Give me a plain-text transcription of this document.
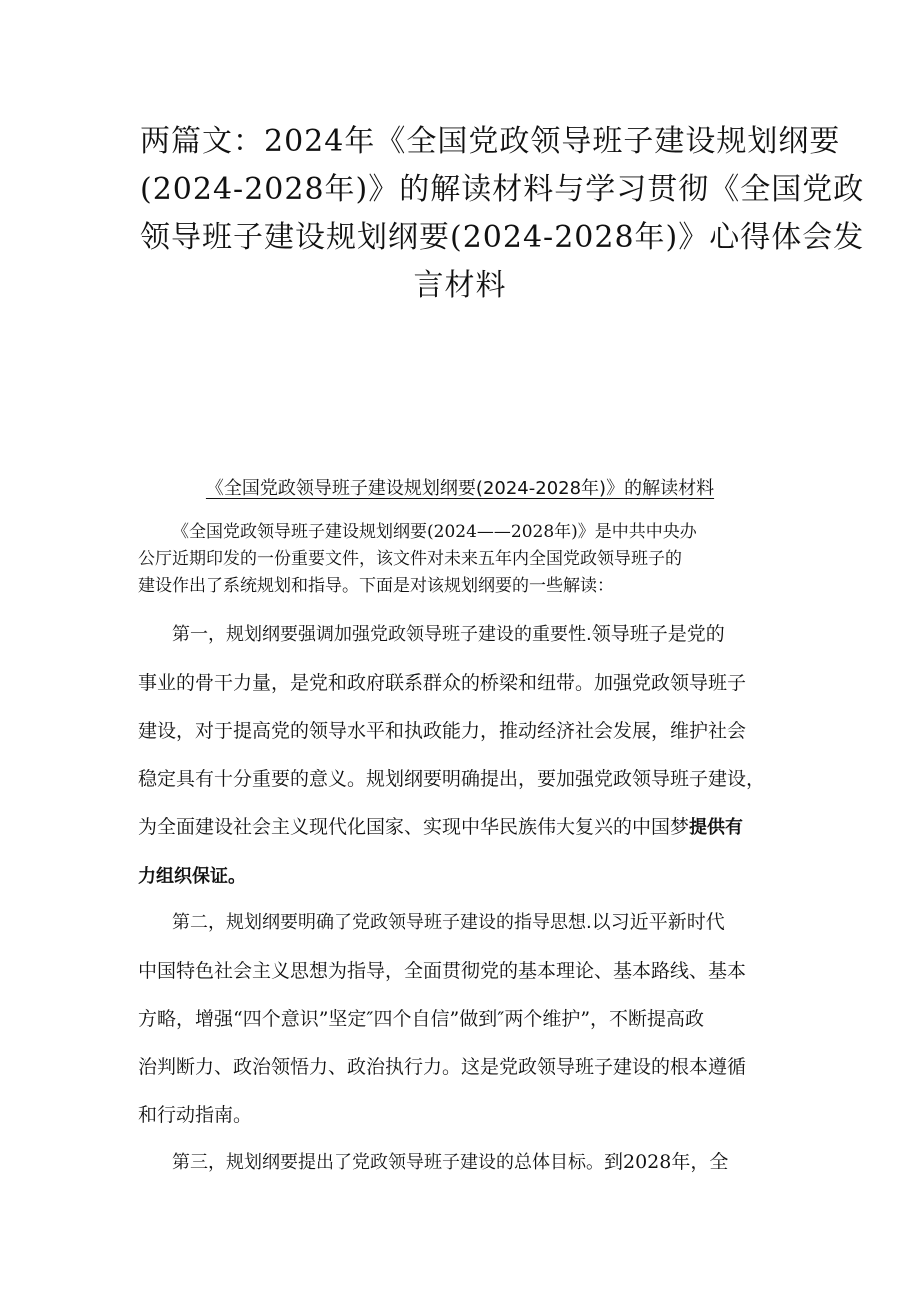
两篇文：2024年《全国党政领导班子建设规划纲要
(2024-2028年)》的解读材料与学习贯彻《全国党政
领导班子建设规划纲要(2024-2028年)》心得体会发
言材料
《全国党政领导班子建设规划纲要(2024-2028年)》的解读材料
《全国党政领导班子建设规划纲要(2024——2028年)》是中共中央办
公厅近期印发的一份重要文件，该文件对未来五年内全国党政领导班子的
建设作出了系统规划和指导。下面是对该规划纲要的一些解读：
第一，规划纲要强调加强党政领导班子建设的重要性.领导班子是党的
事业的骨干力量，是党和政府联系群众的桥梁和纽带。加强党政领导班子
建设，对于提高党的领导水平和执政能力，推动经济社会发展，维护社会
稳定具有十分重要的意义。规划纲要明确提出，要加强党政领导班子建设，
为全面建设社会主义现代化国家、实现中华民族伟大复兴的中国梦提供有
力组织保证。
第二，规划纲要明确了党政领导班子建设的指导思想.以习近平新时代
中国特色社会主义思想为指导，全面贯彻党的基本理论、基本路线、基本
方略，增强“四个意识”坚定″四个自信”做到″两个维护”，不断提高政
治判断力、政治领悟力、政治执行力。这是党政领导班子建设的根本遵循
和行动指南。
第三，规划纲要提出了党政领导班子建设的总体目标。到2028年，全
